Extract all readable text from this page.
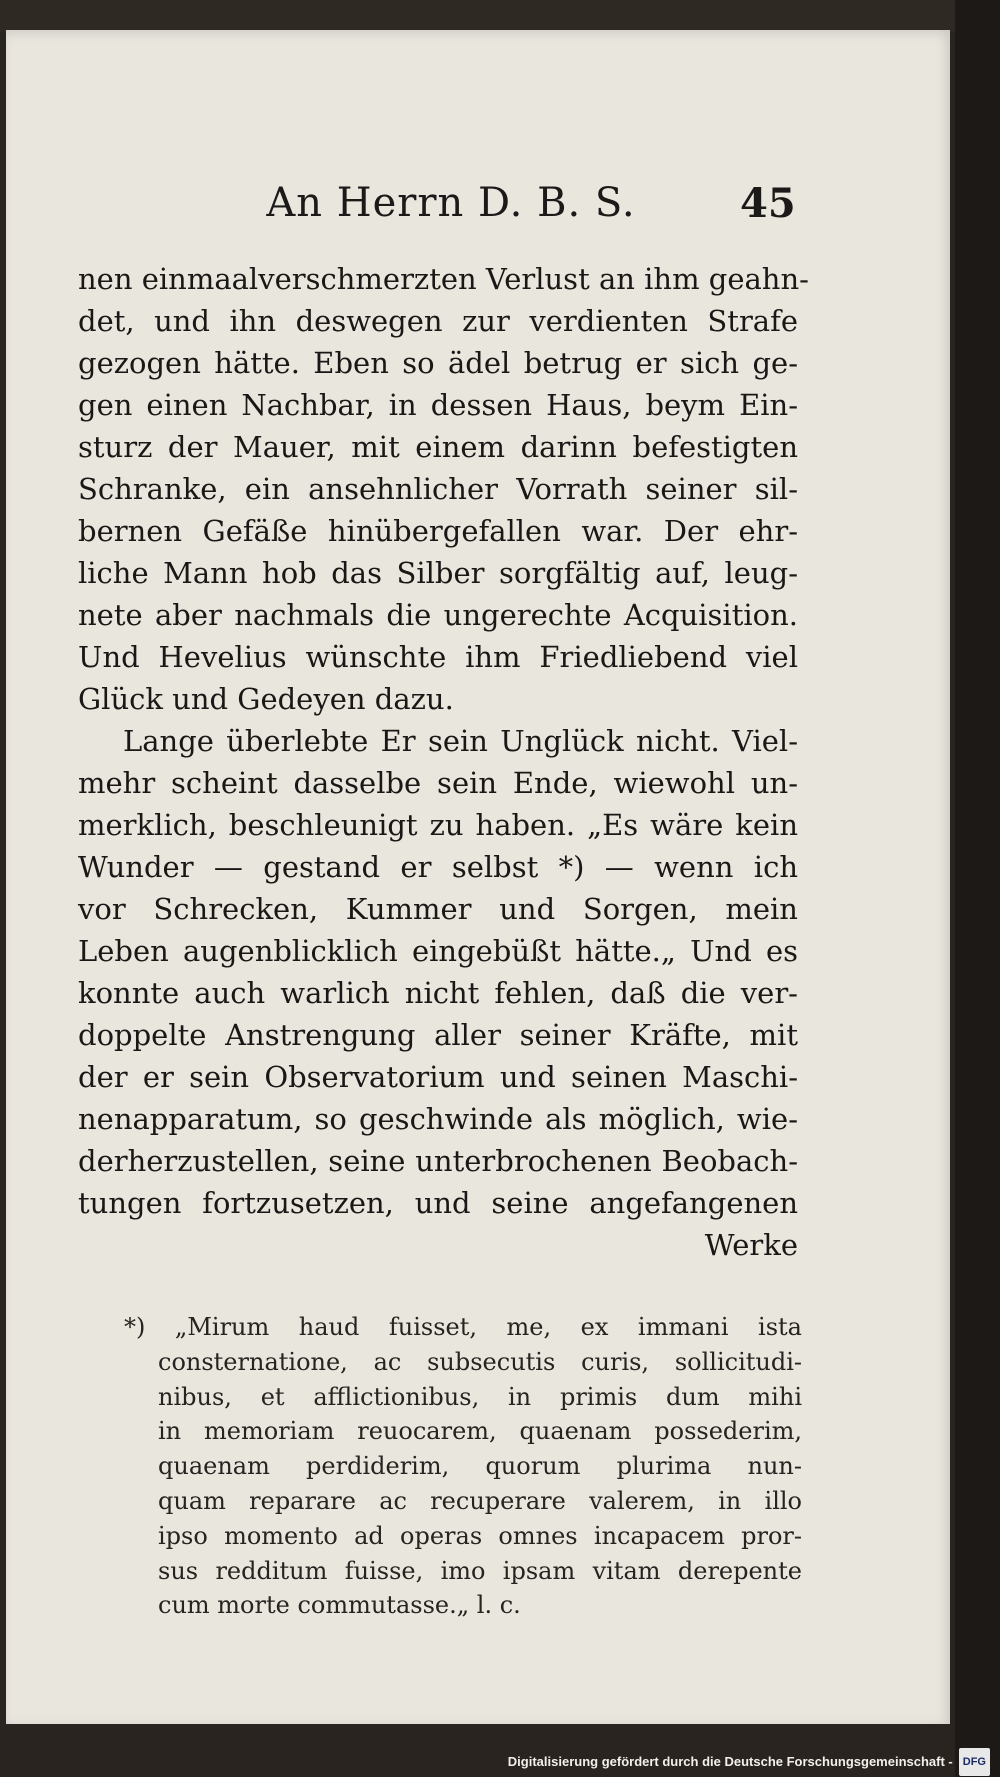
An Herrn D. B. S.	45
nen einmaalverschmerzten Verlust an ihm geahn-
det, und ihn deswegen zur verdienten Strafe
gezogen hätte. Eben so ädel betrug er sich ge-
gen einen Nachbar, in dessen Haus, beym Ein-
sturz der Mauer, mit einem darinn befestigten
Schranke, ein ansehnlicher Vorrath seiner sil-
bernen Gefäße hinübergefallen war. Der ehr-
liche Mann hob das Silber sorgfältig auf, leug-
nete aber nachmals die ungerechte Acquisition.
Und Hevelius wünschte ihm Friedliebend viel
Glück und Gedeyen dazu.
Lange überlebte Er sein Unglück nicht. Viel-
mehr scheint dasselbe sein Ende, wiewohl un-
merklich, beschleunigt zu haben. „Es wäre kein
Wunder — gestand er selbst *) — wenn ich
vor Schrecken, Kummer und Sorgen, mein
Leben augenblicklich eingebüßt hätte.„ Und es
konnte auch warlich nicht fehlen, daß die ver-
doppelte Anstrengung aller seiner Kräfte, mit
der er sein Observatorium und seinen Maschi-
nenapparatum, so geschwinde als möglich, wie-
derherzustellen, seine unterbrochenen Beobach-
tungen fortzusetzen, und seine angefangenen
Werke
*) „Mirum haud fuisset, me, ex immani ista
consternatione, ac subsecutis curis, sollicitudi-
nibus, et afflictionibus, in primis dum mihi
in memoriam reuocarem, quaenam possederim,
quaenam perdiderim, quorum plurima nun-
quam reparare ac recuperare valerem, in illo
ipso momento ad operas omnes incapacem pror-
sus redditum fuisse, imo ipsam vitam derepente
cum morte commutasse.„ l. c.
Digitalisierung gefördert durch die Deutsche Forschungsgemeinschaft - DFG
